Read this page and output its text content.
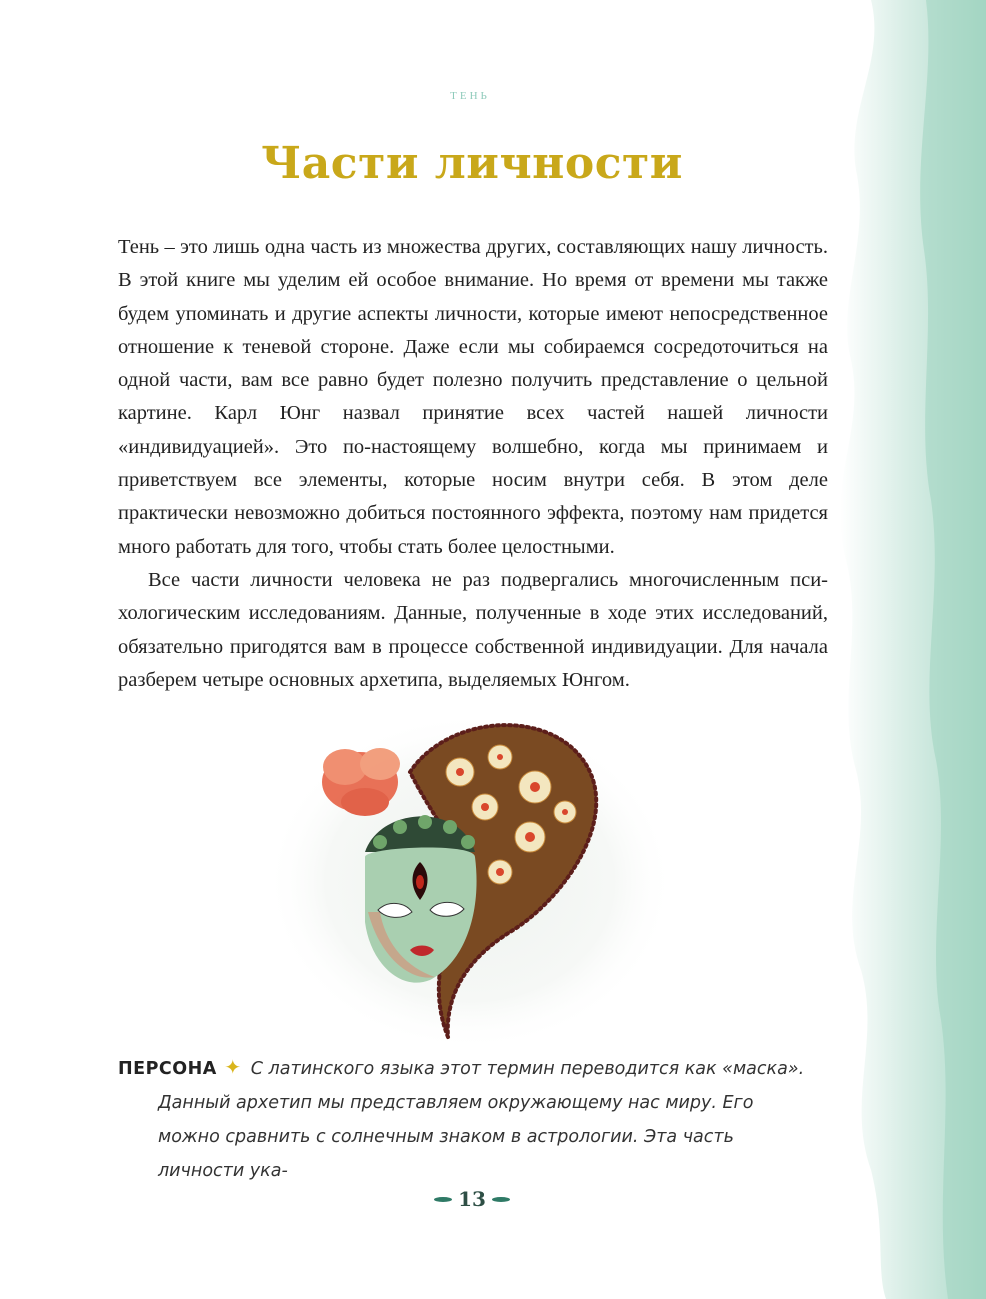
ТЕНЬ
Части личности

Тень – это лишь одна часть из множества других, составляющих нашу личность. В этой книге мы уделим ей особое внимание. Но время от времени мы также будем упоминать и другие аспекты личности, которые имеют непосредственное отношение к теневой стороне. Даже если мы собираемся сосредоточиться на одной части, вам все равно будет полезно получить представление о цельной картине. Карл Юнг назвал принятие всех частей нашей личности «индивидуацией». Это по-настоящему волшебно, когда мы принимаем и приветствуем все элементы, которые носим внутри себя. В этом деле практически невозможно добиться постоянного эффекта, поэтому нам придется много работать для того, чтобы стать более целостными.

Все части личности человека не раз подвергались многочисленным психологическим исследованиям. Данные, полученные в ходе этих исследований, обязательно пригодятся вам в процессе собственной индивидуации. Для начала разберем четыре основных архетипа, выделяемых Юнгом.

ПЕРСОНА ✦ С латинского языка этот термин переводится как «маска».
Данный архетип мы представляем окружающему нас миру. Его можно сравнить с солнечным знаком в астрологии. Эта часть личности ука-
13
